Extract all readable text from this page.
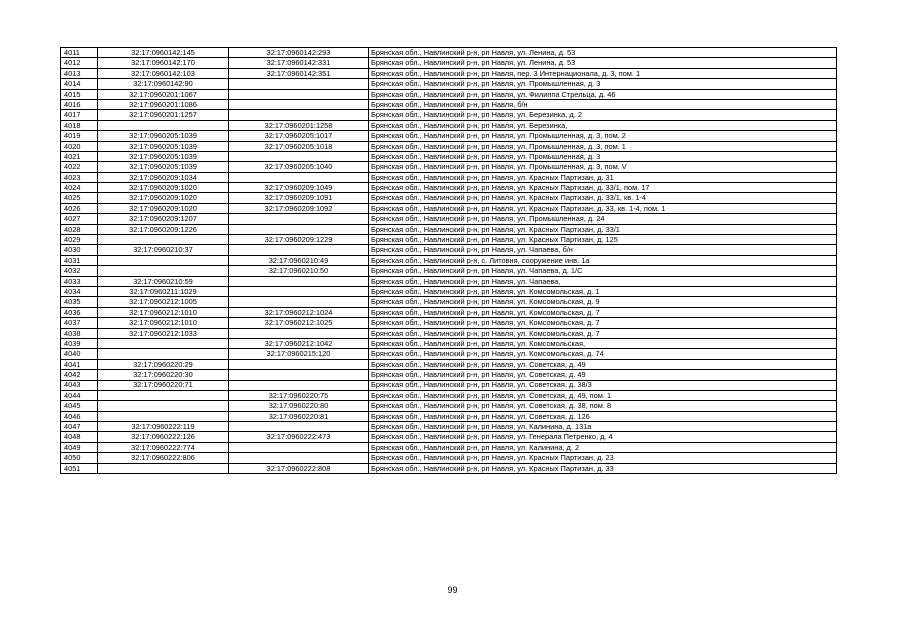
4011	32:17:0960142:145	32:17:0960142:293	Брянская обл., Навлинский р-н, рп Навля, ул. Ленина, д. 53
4012	32:17:0960142:170	32:17:0960142:331	Брянская обл., Навлинский р-н, рп Навля, ул. Ленина, д. 53
4013	32:17:0960142:103	32:17:0960142:351	Брянская обл., Навлинский р-н, рп Навля, пер. 3 Интернационала, д. 3, пом. 1
4014	32:17:0960142:90		Брянская обл., Навлинский р-н, рп Навля, ул. Промышленная, д. 3
4015	32:17:0960201:1067		Брянская обл., Навлинский р-н, рп Навля, ул. Филиппа Стрельца, д. 46
4016	32:17:0960201:1086		Брянская обл., Навлинский р-н, рп Навля, б/н
4017	32:17:0960201:1257		Брянская обл., Навлинский р-н, рп Навля, ул. Березинка, д. 2
4018		32:17:0960201:1258	Брянская обл., Навлинский р-н, рп Навля, ул. Березинка,
4019	32:17:0960205:1039	32:17:0960205:1017	Брянская обл., Навлинский р-н, рп Навля, ул. Промышленная, д. 3, пом. 2
4020	32:17:0960205:1039	32:17:0960205:1018	Брянская обл., Навлинский р-н, рп Навля, ул. Промышленная, д. 3, пом. 1
4021	32:17:0960205:1039		Брянская обл., Навлинский р-н, рп Навля, ул. Промышленная, д. 3
4022	32:17:0960205:1039	32:17:0960205:1040	Брянская обл., Навлинский р-н, рп Навля, ул. Промышленная, д. 3, пом. V
4023	32:17:0960209:1034		Брянская обл., Навлинский р-н, рп Навля, ул. Красных Партизан, д. 31
4024	32:17:0960209:1020	32:17:0960209:1049	Брянская обл., Навлинский р-н, рп Навля, ул. Красных Партизан, д. 33/1, пом. 17
4025	32:17:0960209:1020	32:17:0960209:1091	Брянская обл., Навлинский р-н, рп Навля, ул. Красных Партизан, д. 33/1, кв. 1-4
4026	32:17:0960209:1020	32:17:0960209:1092	Брянская обл., Навлинский р-н, рп Навля, ул. Красных Партизан, д. 33, кв. 1-4, пом. 1
4027	32:17:0960209:1207		Брянская обл., Навлинский р-н, рп Навля, ул. Промышленная, д. 24
4028	32:17:0960209:1226		Брянская обл., Навлинский р-н, рп Навля, ул. Красных Партизан, д. 33/1
4029		32:17:0960209:1229	Брянская обл., Навлинский р-н, рп Навля, ул. Красных Партизан, д. 125
4030	32:17:0960210:37		Брянская обл., Навлинский р-н, рп Навля, ул. Чапаева, б/н
4031		32:17:0960210:49	Брянская обл., Навлинский р-н, с. Литовня, сооружение инв. 1а
4032		32:17:0960210:50	Брянская обл., Навлинский р-н, рп Навля, ул. Чапаева, д. 1/С
4033	32:17:0960210:59		Брянская обл., Навлинский р-н, рп Навля, ул. Чапаева,
4034	32:17:0960211:1029		Брянская обл., Навлинский р-н, рп Навля, ул. Комсомольская, д. 1
4035	32:17:0960212:1005		Брянская обл., Навлинский р-н, рп Навля, ул. Комсомольская, д. 9
4036	32:17:0960212:1010	32:17:0960212:1024	Брянская обл., Навлинский р-н, рп Навля, ул. Комсомольская, д. 7
4037	32:17:0960212:1010	32:17:0960212:1025	Брянская обл., Навлинский р-н, рп Навля, ул. Комсомольская, д. 7
4038	32:17:0960212:1033		Брянская обл., Навлинский р-н, рп Навля, ул. Комсомольская, д. 7
4039		32:17:0960212:1042	Брянская обл., Навлинский р-н, рп Навля, ул. Комсомольская,
4040		32:17:0960215:120	Брянская обл., Навлинский р-н, рп Навля, ул. Комсомольская, д. 74
4041	32:17:0960220:29		Брянская обл., Навлинский р-н, рп Навля, ул. Советская, д. 49
4042	32:17:0960220:30		Брянская обл., Навлинский р-н, рп Навля, ул. Советская, д. 49
4043	32:17:0960220:71		Брянская обл., Навлинский р-н, рп Навля, ул. Советская, д. 38/3
4044		32:17:0960220:75	Брянская обл., Навлинский р-н, рп Навля, ул. Советская, д. 49, пом. 1
4045		32:17:0960220:80	Брянская обл., Навлинский р-н, рп Навля, ул. Советская, д. 38, пом. 8
4046		32:17:0960220:81	Брянская обл., Навлинский р-н, рп Навля, ул. Советская, д. 126
4047	32:17:0960222:119		Брянская обл., Навлинский р-н, рп Навля, ул. Калинина, д. 131а
4048	32:17:0960222:126	32:17:0960222:473	Брянская обл., Навлинский р-н, рп Навля, ул. Генерала Петренко, д. 4
4049	32:17:0960222:774		Брянская обл., Навлинский р-н, рп Навля, ул. Калинина, д. 2
4050	32:17:0960222:806		Брянская обл., Навлинский р-н, рп Навля, ул. Красных Партизан, д. 23
4051		32:17:0960222:808	Брянская обл., Навлинский р-н, рп Навля, ул. Красных Партизан, д. 33
99
